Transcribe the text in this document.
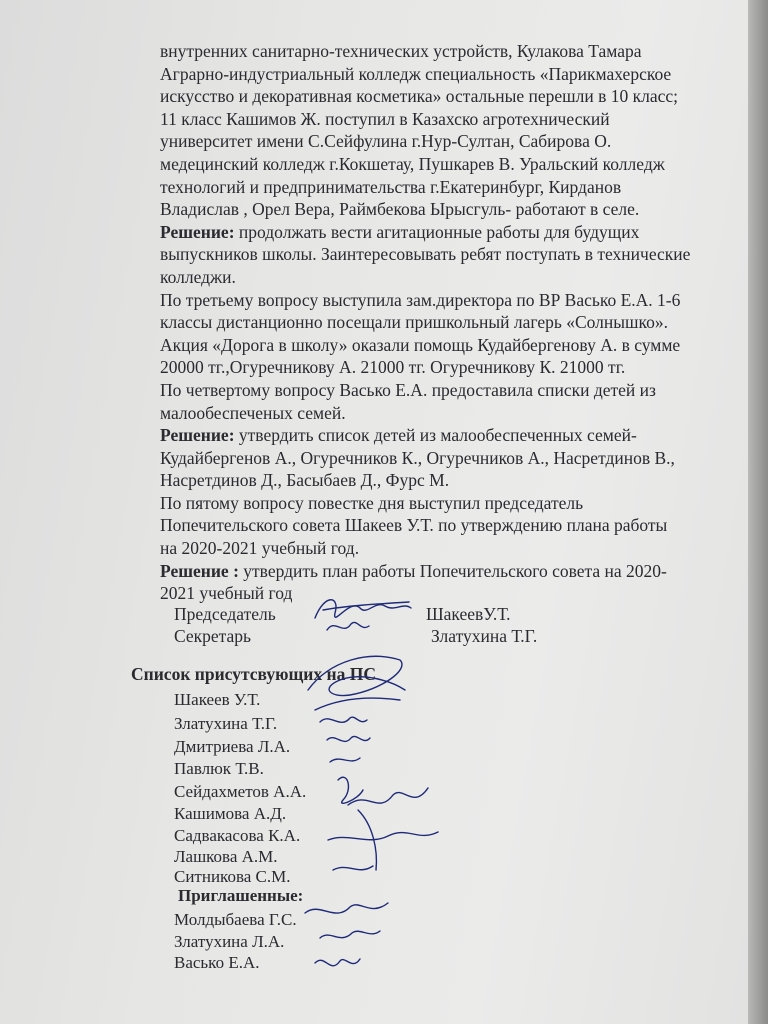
внутренних санитарно-технических устройств, Кулакова Тамара
Аграрно-индустриальный колледж специальность «Парикмахерское
искусство и декоративная косметика» остальные перешли в 10 класс;
11 класс Кашимов Ж. поступил в Казахско агротехнический
университет имени С.Сейфулина г.Нур-Султан, Сабирова О.
медецинский колледж г.Кокшетау, Пушкарев В. Уральский колледж
технологий и предпринимательства г.Екатеринбург, Кирданов
Владислав , Орел Вера, Раймбекова Ырысгуль- работают в селе.
Решение: продолжать вести агитационные работы для будущих
выпускников школы. Заинтересовывать ребят поступать в технические
колледжи.
По третьему вопросу выступила зам.директора по ВР Васько Е.А. 1-6
классы дистанционно посещали пришкольный лагерь «Солнышко».
Акция «Дорога в школу» оказали помощь Кудайбергенову А. в сумме
20000 тг.,Огуречникову А. 21000 тг. Огуречникову К. 21000 тг.
По четвертому вопросу Васько Е.А. предоставила списки детей из
малообеспеченых семей.
Решение: утвердить список детей из малообеспеченных семей-
Кудайбергенов А., Огуречников К., Огуречников А., Насретдинов В.,
Насретдинов Д., Басыбаев Д., Фурс М.
По пятому вопросу повестке дня выступил председатель
Попечительского совета Шакеев У.Т. по утверждению плана работы
на 2020-2021 учебный год.
Решение : утвердить план работы Попечительского совета на 2020-
2021 учебный год
Председатель	ШакеевУ.Т.
Секретарь	Златухина Т.Г.
Список присутсвующих на ПС
Шакеев У.Т.
Златухина Т.Г.
Дмитриева Л.А.
Павлюк Т.В.
Сейдахметов А.А.
Кашимова А.Д.
Садвакасова К.А.
Лашкова А.М.
Ситникова С.М.
Приглашенные:
Молдыбаева Г.С.
Златухина Л.А.
Васько Е.А.
